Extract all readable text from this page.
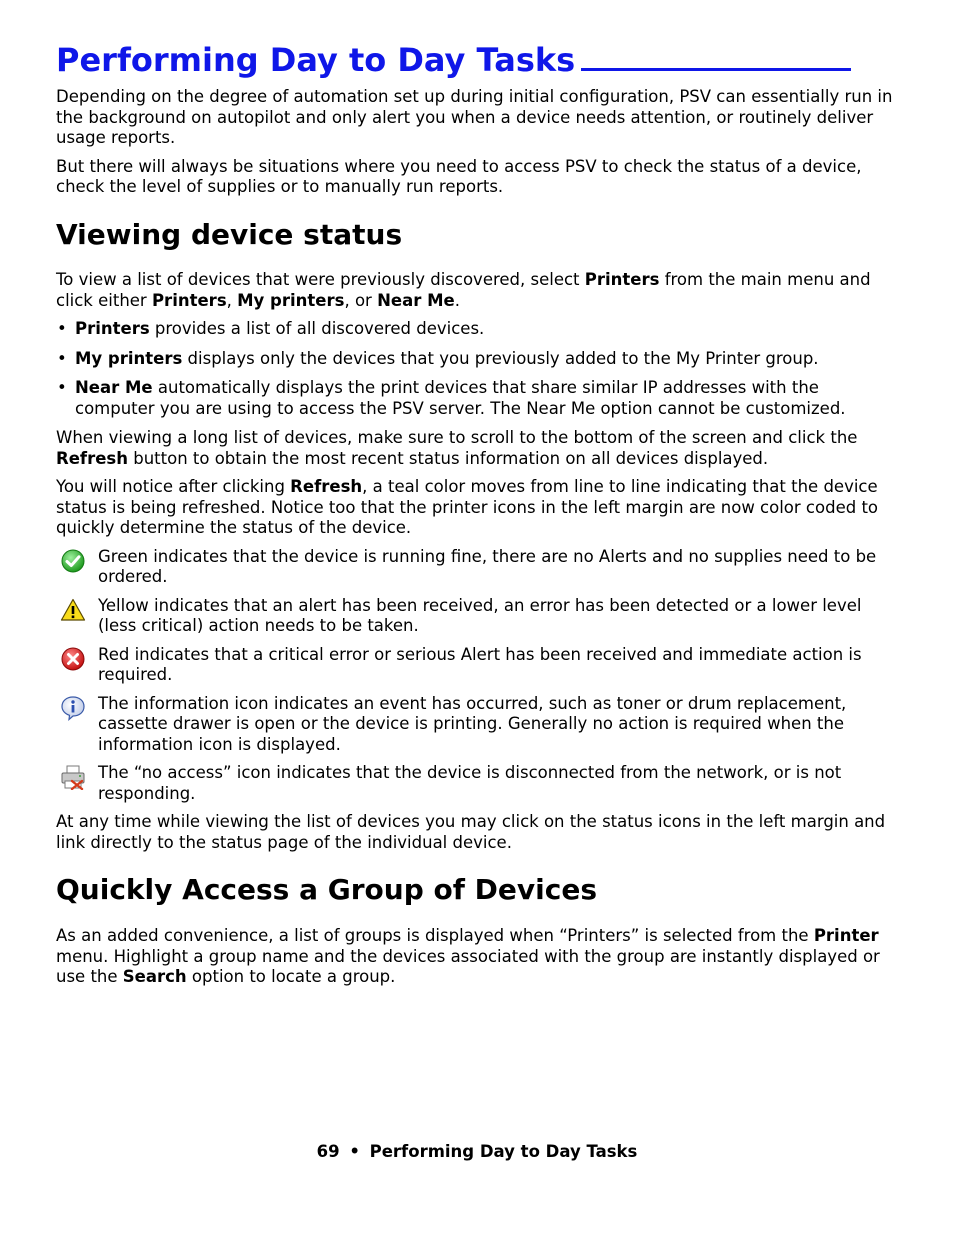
Performing Day to Day Tasks

Depending on the degree of automation set up during initial configuration, PSV can essentially run in the background on autopilot and only alert you when a device needs attention, or routinely deliver usage reports.

But there will always be situations where you need to access PSV to check the status of a device, check the level of supplies or to manually run reports.

Viewing device status

To view a list of devices that were previously discovered, select Printers from the main menu and click either Printers, My printers, or Near Me.

• Printers provides a list of all discovered devices.
• My printers displays only the devices that you previously added to the My Printer group.
• Near Me automatically displays the print devices that share similar IP addresses with the computer you are using to access the PSV server. The Near Me option cannot be customized.

When viewing a long list of devices, make sure to scroll to the bottom of the screen and click the Refresh button to obtain the most recent status information on all devices displayed.

You will notice after clicking Refresh, a teal color moves from line to line indicating that the device status is being refreshed. Notice too that the printer icons in the left margin are now color coded to quickly determine the status of the device.

Green indicates that the device is running fine, there are no Alerts and no supplies need to be ordered.
Yellow indicates that an alert has been received, an error has been detected or a lower level (less critical) action needs to be taken.
Red indicates that a critical error or serious Alert has been received and immediate action is required.
The information icon indicates an event has occurred, such as toner or drum replacement, cassette drawer is open or the device is printing. Generally no action is required when the information icon is displayed.
The “no access” icon indicates that the device is disconnected from the network, or is not responding.

At any time while viewing the list of devices you may click on the status icons in the left margin and link directly to the status page of the individual device.

Quickly Access a Group of Devices

As an added convenience, a list of groups is displayed when “Printers” is selected from the Printer menu. Highlight a group name and the devices associated with the group are instantly displayed or use the Search option to locate a group.

69 • Performing Day to Day Tasks
